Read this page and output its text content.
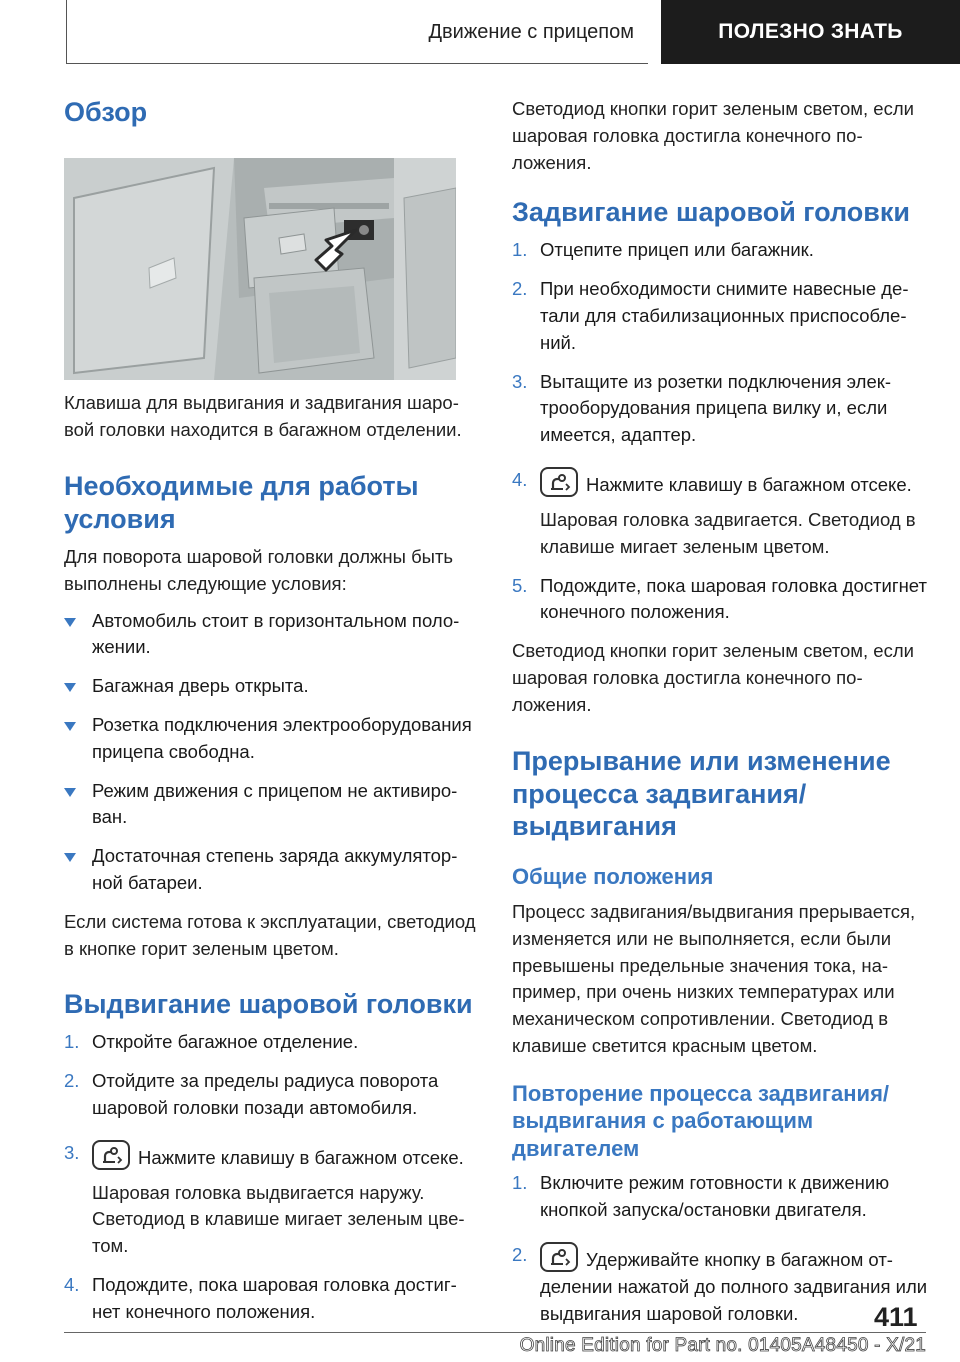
Движение с прицепом	ПОЛЕЗНО ЗНАТЬ
Обзор

Клавиша для выдвигания и задвигания шаровой головки находится в багажном отделении.

Необходимые для работы условия

Для поворота шаровой головки должны быть выполнены следующие условия:

Автомобиль стоит в горизонтальном положении.
Багажная дверь открыта.
Розетка подключения электрооборудования прицепа свободна.
Режим движения с прицепом не активирован.
Достаточная степень заряда аккумуляторной батареи.

Если система готова к эксплуатации, светодиод в кнопке горит зеленым цветом.

Выдвигание шаровой головки
1. Откройте багажное отделение.
2. Отойдите за пределы радиуса поворота шаровой головки позади автомобиля.
3.	Нажмите клавишу в багажном отсеке.

Шаровая головка выдвигается наружу. Светодиод в клавише мигает зеленым цветом.

4. Подождите, пока шаровая головка достигнет конечного положения.

Светодиод кнопки горит зеленым светом, если шаровая головка достигла конечного положения.

Задвигание шаровой головки
1. Отцепите прицеп или багажник.
2. При необходимости снимите навесные детали для стабилизационных приспособлений.
3. Вытащите из розетки подключения электрооборудования прицепа вилку и, если имеется, адаптер.
4.	Нажмите клавишу в багажном отсеке.

Шаровая головка задвигается. Светодиод в клавише мигает зеленым цветом.

5. Подождите, пока шаровая головка достигнет конечного положения.

Светодиод кнопки горит зеленым светом, если шаровая головка достигла конечного положения.

Прерывание или изменение процесса задвигания/выдвигания
Общие положения

Процесс задвигания/выдвигания прерывается, изменяется или не выполняется, если были превышены предельные значения тока, например, при очень низких температурах или механическом сопротивлении. Светодиод в клавише светится красным цветом.

Повторение процесса задвигания/выдвигания с работающим двигателем
1. Включите режим готовности к движению кнопкой запуска/остановки двигателя.
2.	Удерживайте кнопку в багажном отделении нажатой до полного задвигания или выдвигания шаровой головки.	411
Online Edition for Part no. 01405A48450 - X/21
